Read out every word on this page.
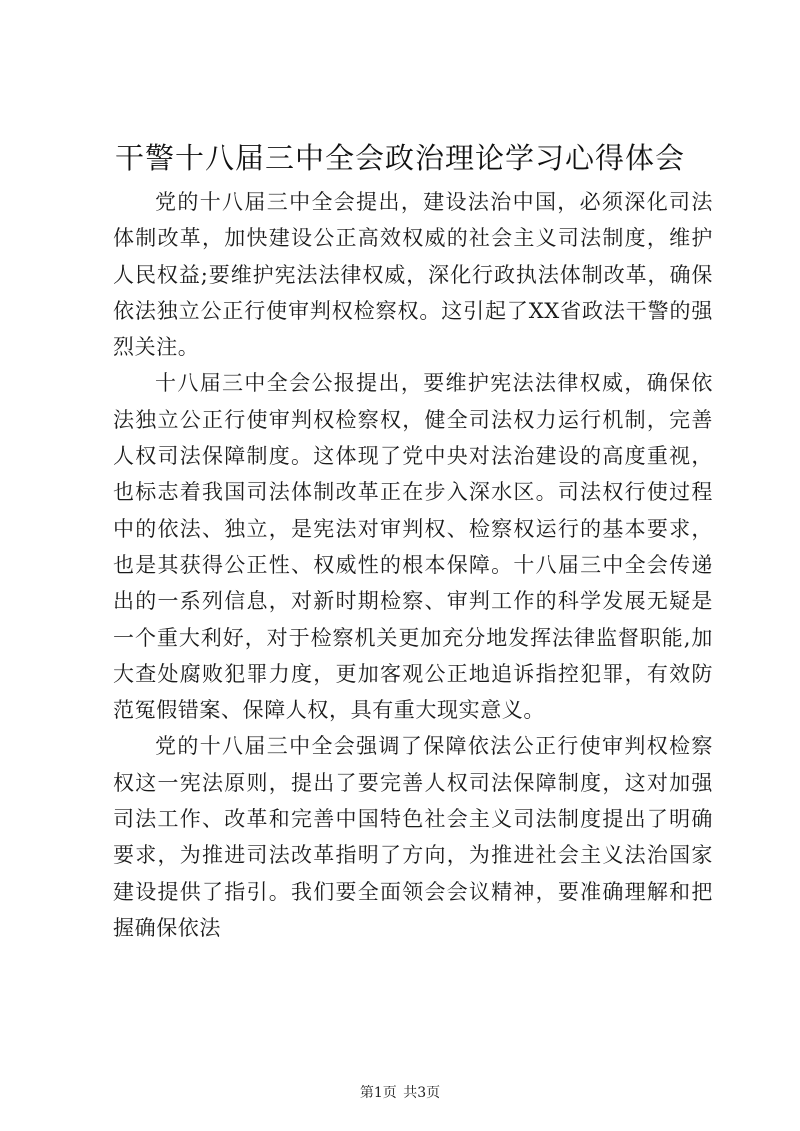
干警十八届三中全会政治理论学习心得体会

党的十八届三中全会提出，建设法治中国，必须深化司法体制改革，加快建设公正高效权威的社会主义司法制度，维护人民权益;要维护宪法法律权威，深化行政执法体制改革，确保依法独立公正行使审判权检察权。这引起了XX省政法干警的强烈关注。

十八届三中全会公报提出，要维护宪法法律权威，确保依法独立公正行使审判权检察权，健全司法权力运行机制，完善人权司法保障制度。这体现了党中央对法治建设的高度重视，也标志着我国司法体制改革正在步入深水区。司法权行使过程中的依法、独立，是宪法对审判权、检察权运行的基本要求，也是其获得公正性、权威性的根本保障。十八届三中全会传递出的一系列信息，对新时期检察、审判工作的科学发展无疑是一个重大利好，对于检察机关更加充分地发挥法律监督职能,加大查处腐败犯罪力度，更加客观公正地追诉指控犯罪，有效防范冤假错案、保障人权，具有重大现实意义。

党的十八届三中全会强调了保障依法公正行使审判权检察权这一宪法原则，提出了要完善人权司法保障制度，这对加强司法工作、改革和完善中国特色社会主义司法制度提出了明确要求，为推进司法改革指明了方向，为推进社会主义法治国家建设提供了指引。我们要全面领会会议精神，要准确理解和把握确保依法

第1页 共3页
